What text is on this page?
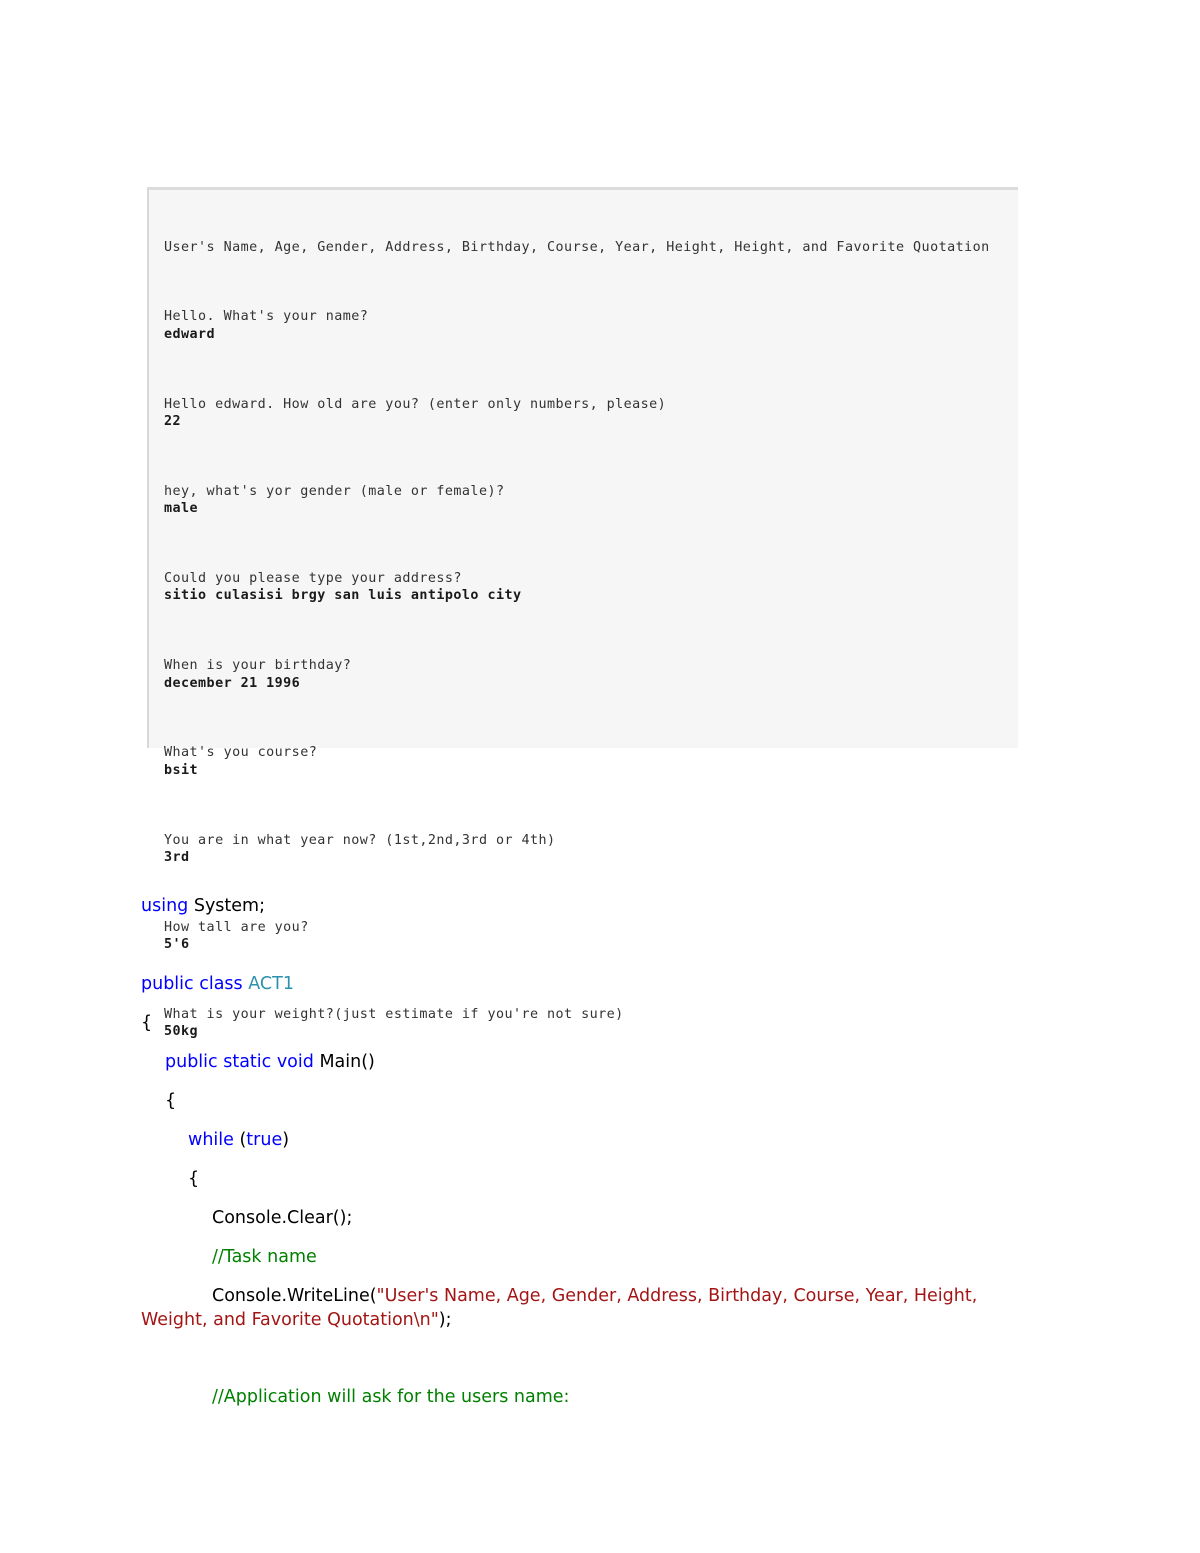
User's Name, Age, Gender, Address, Birthday, Course, Year, Height, Height, and Favorite Quotation

Hello. What's your name?
edward

Hello edward. How old are you? (enter only numbers, please)
22

hey, what's yor gender (male or female)?
male

Could you please type your address?
sitio culasisi brgy san luis antipolo city

When is your birthday?
december 21 1996

What's you course?
bsit

You are in what year now? (1st,2nd,3rd or 4th)
3rd

How tall are you?
5'6

What is your weight?(just estimate if you're not sure)
50kg

using System;
public class ACT1
{
public static void Main()
{
while (true)
{
Console.Clear();
//Task name
Console.WriteLine("User's Name, Age, Gender, Address, Birthday, Course, Year, Height, Weight, and Favorite Quotation\n");
//Application will ask for the users name:
